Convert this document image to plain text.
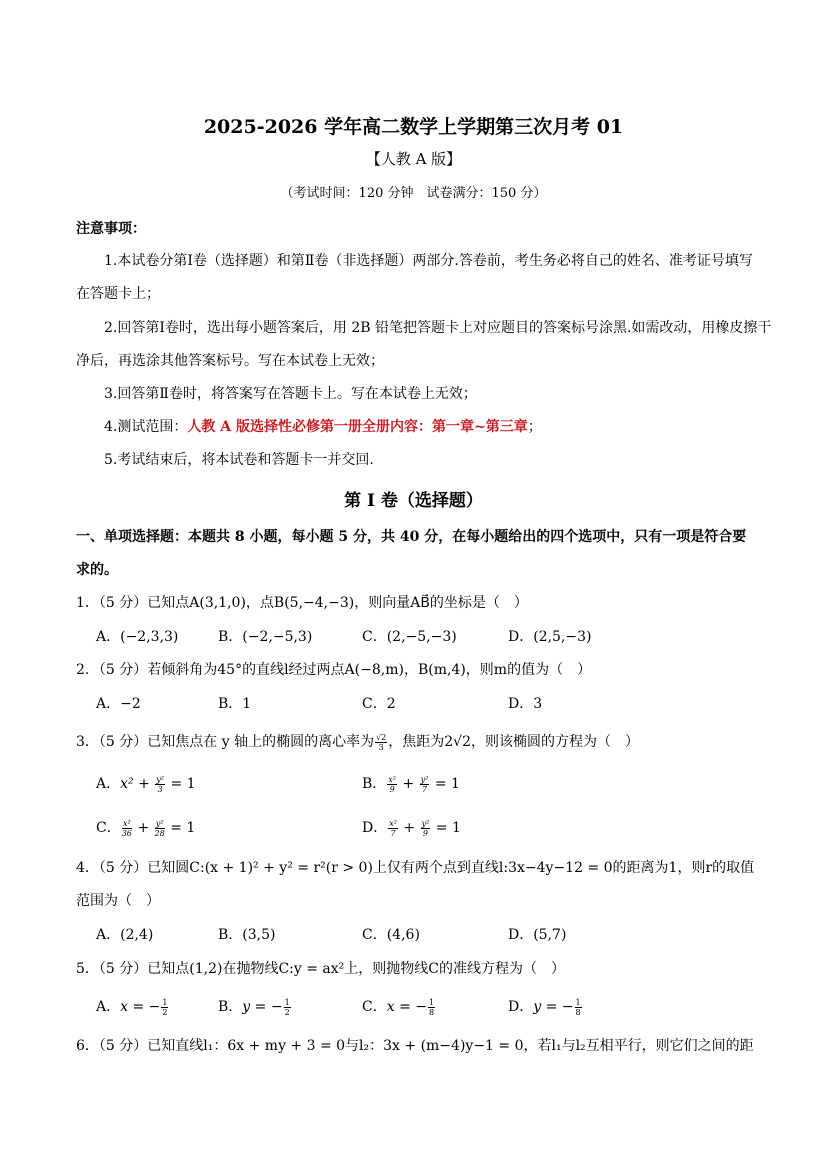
2025-2026 学年高二数学上学期第三次月考 01
【人教 A 版】
（考试时间：120 分钟　试卷满分：150 分）
注意事项：
1.本试卷分第Ⅰ卷（选择题）和第Ⅱ卷（非选择题）两部分.答卷前，考生务必将自己的姓名、准考证号填写
在答题卡上；
2.回答第Ⅰ卷时，选出每小题答案后，用 2B 铅笔把答题卡上对应题目的答案标号涂黑.如需改动，用橡皮擦干
净后，再选涂其他答案标号。写在本试卷上无效；
3.回答第Ⅱ卷时，将答案写在答题卡上。写在本试卷上无效；
4.测试范围：人教 A 版选择性必修第一册全册内容：第一章~第三章；
5.考试结束后，将本试卷和答题卡一并交回.
第 I 卷（选择题）
一、单项选择题：本题共 8 小题，每小题 5 分，共 40 分，在每小题给出的四个选项中，只有一项是符合要
求的。
1．（5 分）已知点A(3,1,0)，点B(5,−4,−3)，则向量AB⃗的坐标是（　）
A．(−2,3,3)	B．(−2,−5,3)	C．(2,−5,−3)	D．(2,5,−3)
2．（5 分）若倾斜角为45°的直线l经过两点A(−8,m)，B(m,4)，则m的值为（　）
A．−2	B．1	C．2	D．3
3．（5 分）已知焦点在 y 轴上的椭圆的离心率为 $\frac{√2}{3}$ ，焦距为2√2，则该椭圆的方程为（　）
A．$x^2 + \frac{\text{y²}}{3} = 1$	B． $\frac{\text{x²}}{9} + \frac{\text{y²}}{7} = 1$
C． $\frac{\text{x²}}{36} + \frac{\text{y²}}{28} = 1$	D． $\frac{\text{x²}}{7} + \frac{\text{y²}}{9} = 1$
4．（5 分）已知圆C:(x + 1)² + y² = r²(r > 0)上仅有两个点到直线l:3x−4y−12 = 0的距离为1，则r的取值
范围为（　）
A．(2,4)	B．(3,5)	C．(4,6)	D．(5,7)
5．（5 分）已知点(1,2)在抛物线C:y = ax²上，则抛物线C的准线方程为（　）
A．x = − $\frac{1}{2}$	B．y = − $\frac{1}{2}$	C．x = − $\frac{1}{8}$	D．y = − $\frac{1}{8}$
6．（5 分）已知直线l₁：6x + my + 3 = 0与l₂：3x + (m−4)y−1 = 0，若l₁与l₂互相平行，则它们之间的距
